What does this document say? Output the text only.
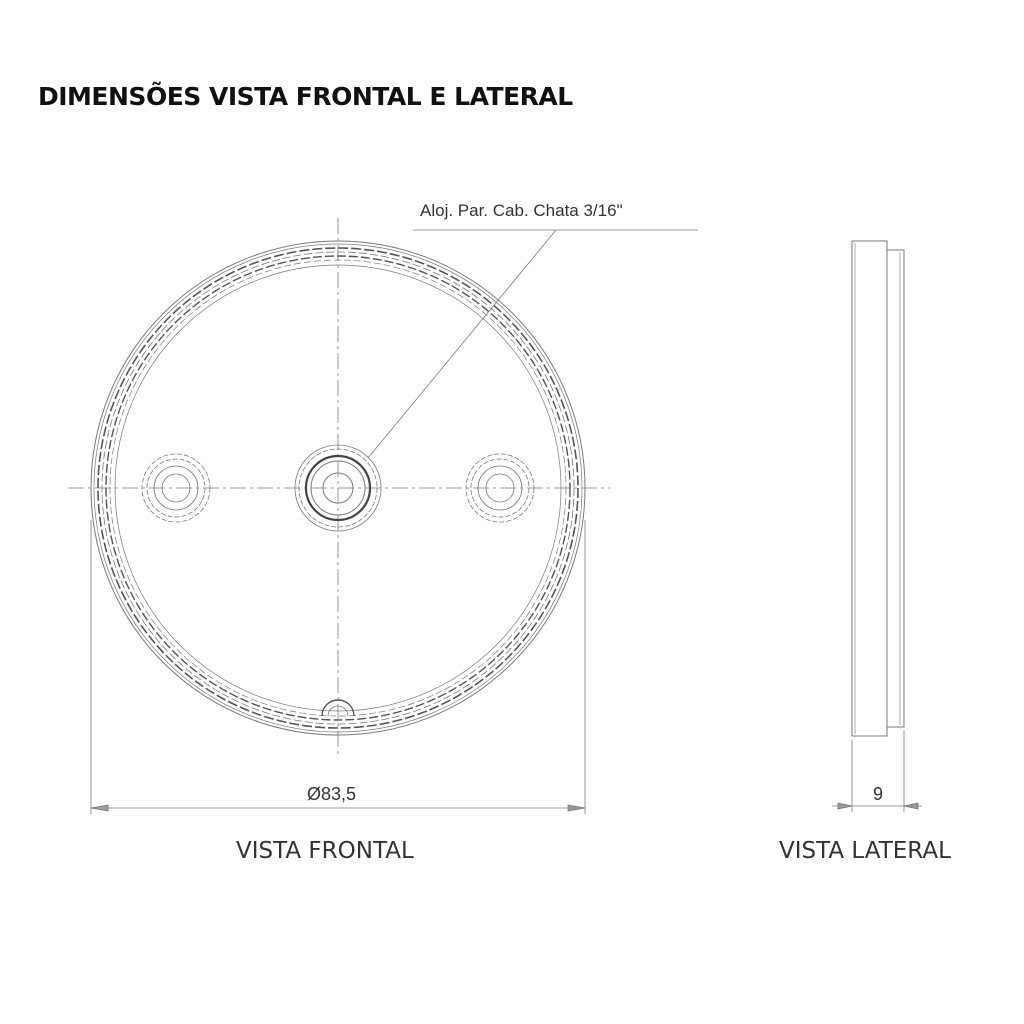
DIMENSÕES VISTA FRONTAL E LATERAL
Aloj. Par. Cab. Chata 3/16"
Ø83,5	9
VISTA FRONTAL	VISTA LATERAL
